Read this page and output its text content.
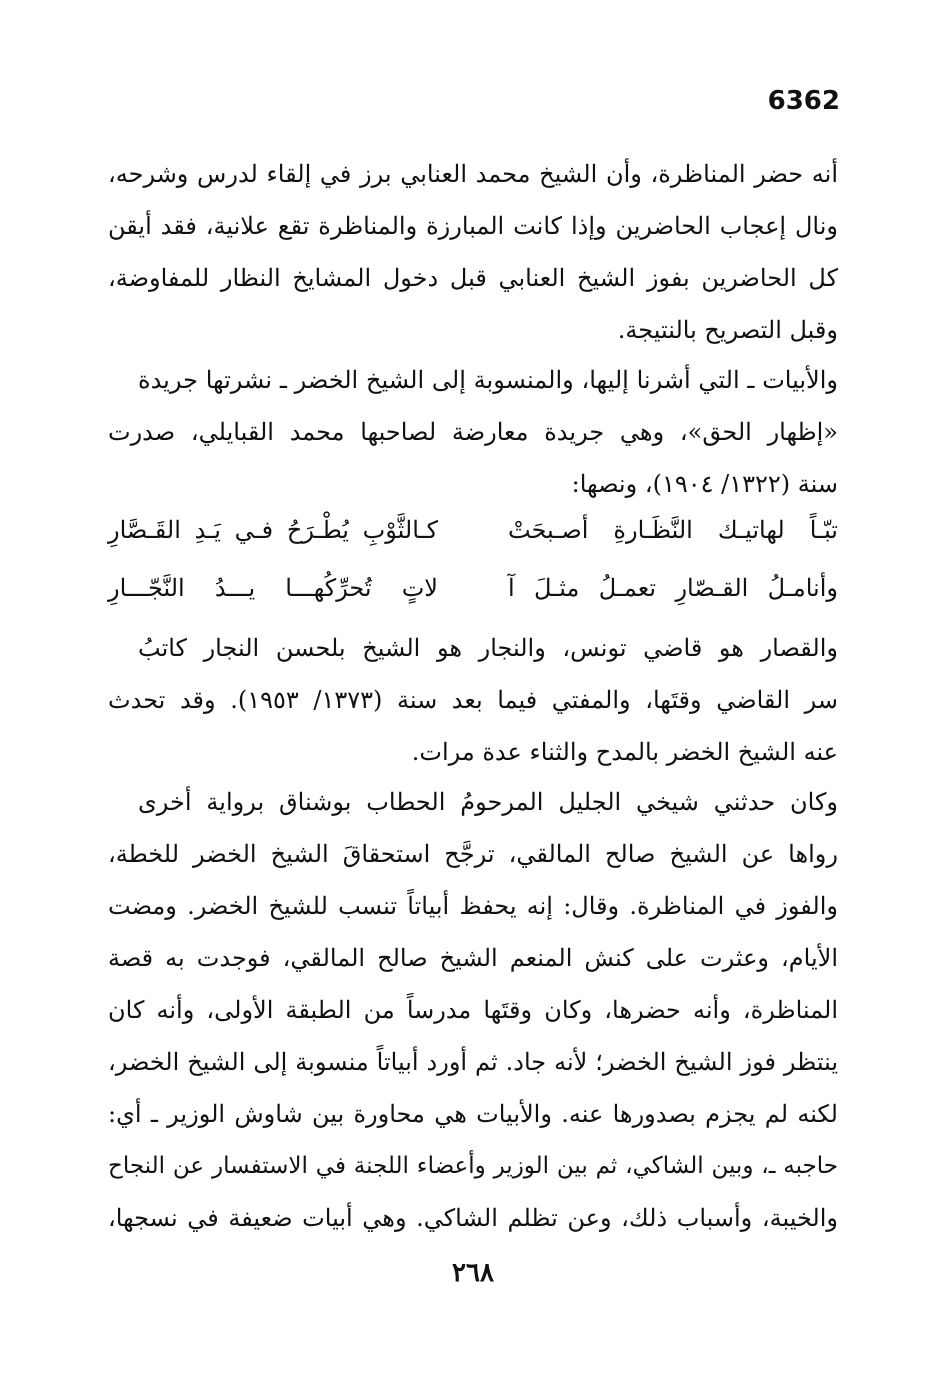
6362
أنه حضر المناظرة، وأن الشيخ محمد العنابي برز في إلقاء لدرس وشرحه،
ونال إعجاب الحاضرين وإذا كانت المبارزة والمناظرة تقع علانية، فقد أيقن
كل الحاضرين بفوز الشيخ العنابي قبل دخول المشايخ النظار للمفاوضة،
وقبل التصريح بالنتيجة.
والأبيات ـ التي أشرنا إليها، والمنسوبة إلى الشيخ الخضر ـ نشرتها جريدة
«إظهار الحق»، وهي جريدة معارضة لصاحبها محمد القبايلي، صدرت
سنة (١٣٢٢/ ١٩٠٤)، ونصها:
تبّـاً لهاتيـك النَّظَـارةِ أصـبحَتْ
كـالثَّوْبِ يُطْـرَحُ فـي يَـدِ القَـصَّارِ
وأنامـلُ القـصّارِ تعمـلُ مثـلَ آ
لاتٍ تُحرِّكُهـــا يـــدُ النَّجّـــارِ
والقصار هو قاضي تونس، والنجار هو الشيخ بلحسن النجار كاتبُ
سر القاضي وقتَها، والمفتي فيما بعد سنة (١٣٧٣/ ١٩٥٣). وقد تحدث
عنه الشيخ الخضر بالمدح والثناء عدة مرات.
وكان حدثني شيخي الجليل المرحومُ الحطاب بوشناق برواية أخرى
رواها عن الشيخ صالح المالقي، ترجَّح استحقاقَ الشيخ الخضر للخطة،
والفوز في المناظرة. وقال: إنه يحفظ أبياتاً تنسب للشيخ الخضر. ومضت
الأيام، وعثرت على كنش المنعم الشيخ صالح المالقي، فوجدت به قصة
المناظرة، وأنه حضرها، وكان وقتَها مدرساً من الطبقة الأولى، وأنه كان
ينتظر فوز الشيخ الخضر؛ لأنه جاد. ثم أورد أبياتاً منسوبة إلى الشيخ الخضر،
لكنه لم يجزم بصدورها عنه. والأبيات هي محاورة بين شاوش الوزير ـ أي:
حاجبه ـ، وبين الشاكي، ثم بين الوزير وأعضاء اللجنة في الاستفسار عن النجاح
والخيبة، وأسباب ذلك، وعن تظلم الشاكي. وهي أبيات ضعيفة في نسجها،
٢٦٨
